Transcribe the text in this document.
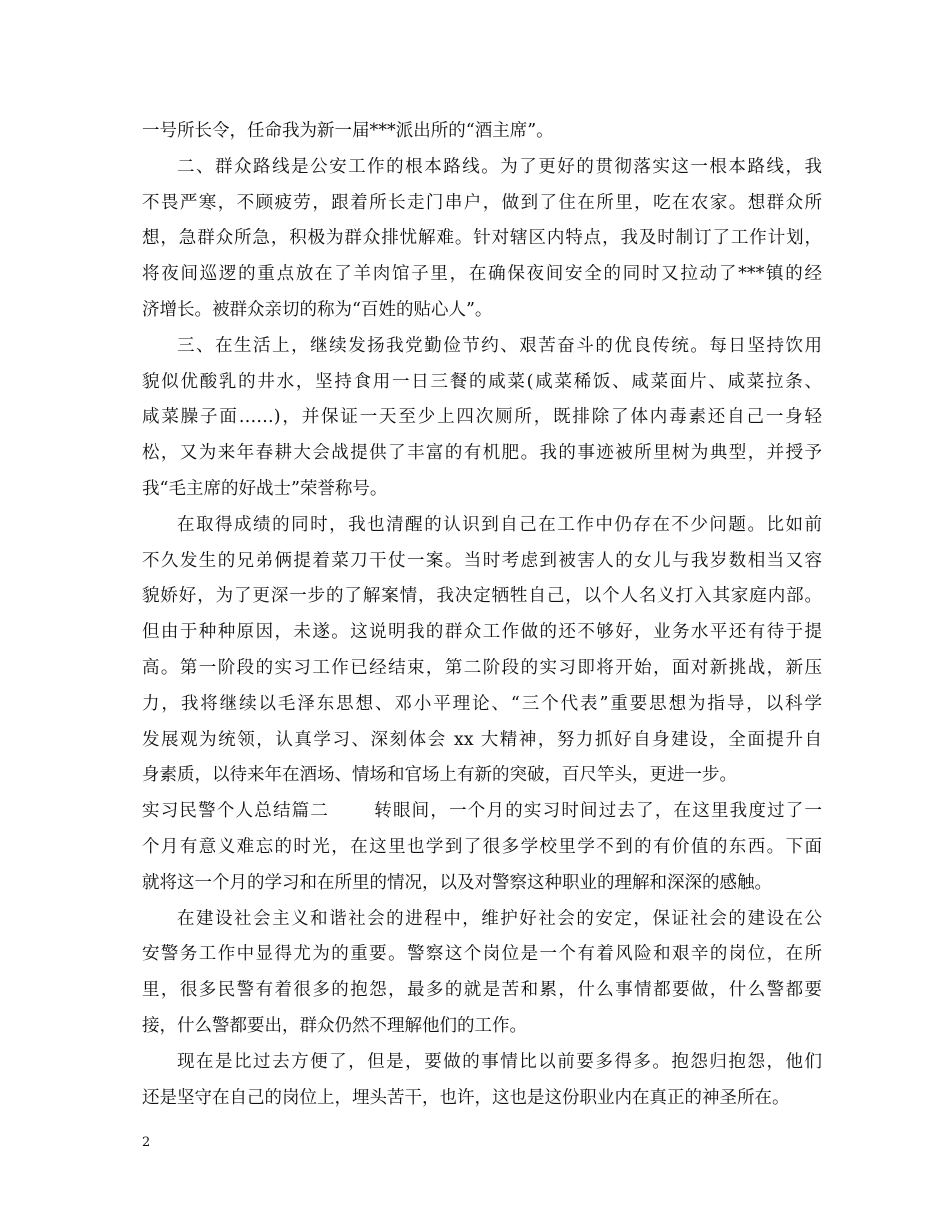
一号所长令，任命我为新一届***派出所的“酒主席”。
二、群众路线是公安工作的根本路线。为了更好的贯彻落实这一根本路线，我
不畏严寒，不顾疲劳，跟着所长走门串户，做到了住在所里，吃在农家。想群众所
想，急群众所急，积极为群众排忧解难。针对辖区内特点，我及时制订了工作计划，
将夜间巡逻的重点放在了羊肉馆子里，在确保夜间安全的同时又拉动了***镇的经
济增长。被群众亲切的称为“百姓的贴心人”。
三、在生活上，继续发扬我党勤俭节约、艰苦奋斗的优良传统。每日坚持饮用
貌似优酸乳的井水，坚持食用一日三餐的咸菜(咸菜稀饭、咸菜面片、咸菜拉条、
咸菜臊子面……)，并保证一天至少上四次厕所，既排除了体内毒素还自己一身轻
松，又为来年春耕大会战提供了丰富的有机肥。我的事迹被所里树为典型，并授予
我“毛主席的好战士”荣誉称号。
在取得成绩的同时，我也清醒的认识到自己在工作中仍存在不少问题。比如前
不久发生的兄弟俩提着菜刀干仗一案。当时考虑到被害人的女儿与我岁数相当又容
貌娇好，为了更深一步的了解案情，我决定牺牲自己，以个人名义打入其家庭内部。
但由于种种原因，未遂。这说明我的群众工作做的还不够好，业务水平还有待于提
高。第一阶段的实习工作已经结束，第二阶段的实习即将开始，面对新挑战，新压
力，我将继续以毛泽东思想、邓小平理论、“三个代表”重要思想为指导，以科学
发展观为统领，认真学习、深刻体会 xx 大精神，努力抓好自身建设，全面提升自
身素质，以待来年在酒场、情场和官场上有新的突破，百尺竿头，更进一步。
实习民警个人总结篇二	转眼间，一个月的实习时间过去了，在这里我度过了一
个月有意义难忘的时光，在这里也学到了很多学校里学不到的有价值的东西。下面
就将这一个月的学习和在所里的情况，以及对警察这种职业的理解和深深的感触。
在建设社会主义和谐社会的进程中，维护好社会的安定，保证社会的建设在公
安警务工作中显得尤为的重要。警察这个岗位是一个有着风险和艰辛的岗位，在所
里，很多民警有着很多的抱怨，最多的就是苦和累，什么事情都要做，什么警都要
接，什么警都要出，群众仍然不理解他们的工作。
现在是比过去方便了，但是，要做的事情比以前要多得多。抱怨归抱怨，他们
还是坚守在自己的岗位上，埋头苦干，也许，这也是这份职业内在真正的神圣所在。
2
